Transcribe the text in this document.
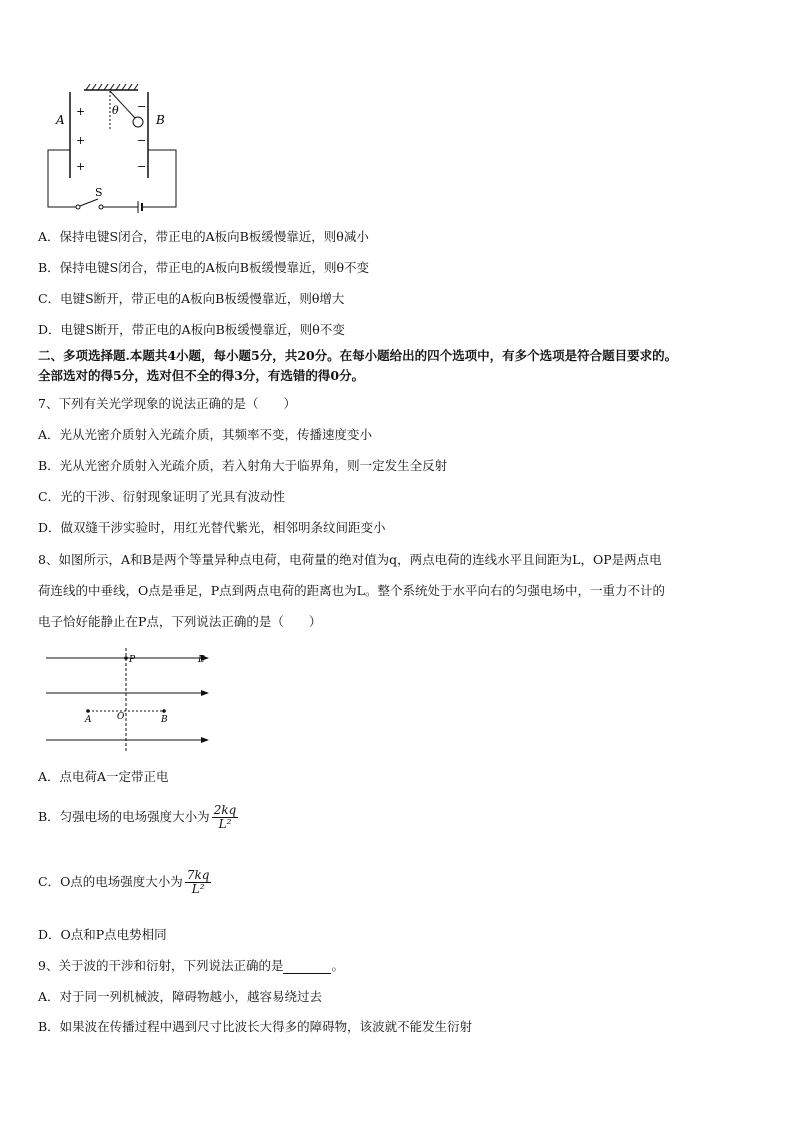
θ
+
+
+
−
−
−
A	B
S
A．保持电键S闭合，带正电的A板向B板缓慢靠近，则θ减小
B．保持电键S闭合，带正电的A板向B板缓慢靠近，则θ不变
C．电键S断开，带正电的A板向B板缓慢靠近，则θ增大
D．电键S断开，带正电的A板向B板缓慢靠近，则θ不变
二、多项选择题.本题共4小题，每小题5分，共20分。在每小题给出的四个选项中，有多个选项是符合题目要求的。
全部选对的得5分，选对但不全的得3分，有选错的得0分。
7、下列有关光学现象的说法正确的是（　　）
A．光从光密介质射入光疏介质，其频率不变，传播速度变小
B．光从光密介质射入光疏介质，若入射角大于临界角，则一定发生全反射
C．光的干涉、衍射现象证明了光具有波动性
D．做双缝干涉实验时，用红光替代紫光，相邻明条纹间距变小
8、如图所示，A和B是两个等量异种点电荷，电荷量的绝对值为q，两点电荷的连线水平且间距为L，OP是两点电
荷连线的中垂线，O点是垂足，P点到两点电荷的距离也为L。整个系统处于水平向右的匀强电场中，一重力不计的
电子恰好能静止在P点，下列说法正确的是（　　）
P	E
A	O	B
A．点电荷A一定带正电
B．匀强电场的电场强度大小为 $\frac{2kq}{\text{L²}}$
C．O点的电场强度大小为 $\frac{7kq}{\text{L²}}$
D．O点和P点电势相同
9、关于波的干涉和衍射，下列说法正确的是	。
A．对于同一列机械波，障碍物越小，越容易绕过去
B．如果波在传播过程中遇到尺寸比波长大得多的障碍物，该波就不能发生衍射
